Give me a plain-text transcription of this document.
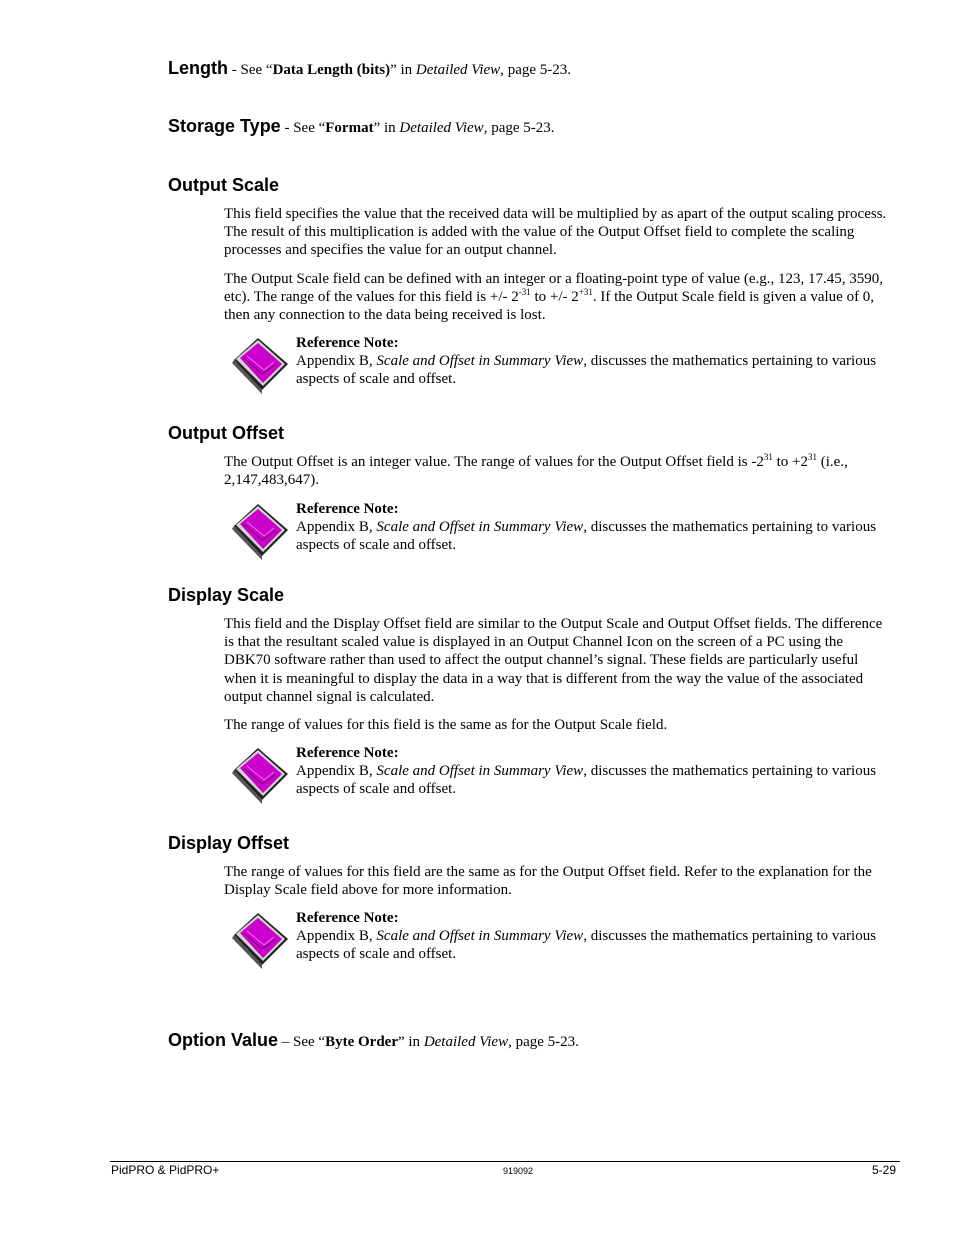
Length - See “Data Length (bits)” in Detailed View, page 5-23.
Storage Type - See “Format” in Detailed View, page 5-23.
Output Scale
This field specifies the value that the received data will be multiplied by as apart of the output scaling process. The result of this multiplication is added with the value of the Output Offset field to complete the scaling processes and specifies the value for an output channel.
The Output Scale field can be defined with an integer or a floating-point type of value (e.g., 123, 17.45, 3590, etc). The range of the values for this field is +/- $2^{-31}$ to +/- $2^{+31}$. If the Output Scale field is given a value of 0, then any connection to the data being received is lost.
Reference Note:
Appendix B, Scale and Offset in Summary View, discusses the mathematics pertaining to various aspects of scale and offset.
Output Offset
The Output Offset is an integer value. The range of values for the Output Offset field is $-2^{31}$ to $+2^{31}$ (i.e., 2,147,483,647).
Reference Note:
Appendix B, Scale and Offset in Summary View, discusses the mathematics pertaining to various aspects of scale and offset.
Display Scale
This field and the Display Offset field are similar to the Output Scale and Output Offset fields. The difference is that the resultant scaled value is displayed in an Output Channel Icon on the screen of a PC using the DBK70 software rather than used to affect the output channel’s signal. These fields are particularly useful when it is meaningful to display the data in a way that is different from the way the value of the associated output channel signal is calculated.
The range of values for this field is the same as for the Output Scale field.
Reference Note:
Appendix B, Scale and Offset in Summary View, discusses the mathematics pertaining to various aspects of scale and offset.
Display Offset
The range of values for this field are the same as for the Output Offset field. Refer to the explanation for the Display Scale field above for more information.
Reference Note:
Appendix B, Scale and Offset in Summary View, discusses the mathematics pertaining to various aspects of scale and offset.
Option Value – See “Byte Order” in Detailed View, page 5-23.
PidPRO & PidPRO+	919092	5-29
